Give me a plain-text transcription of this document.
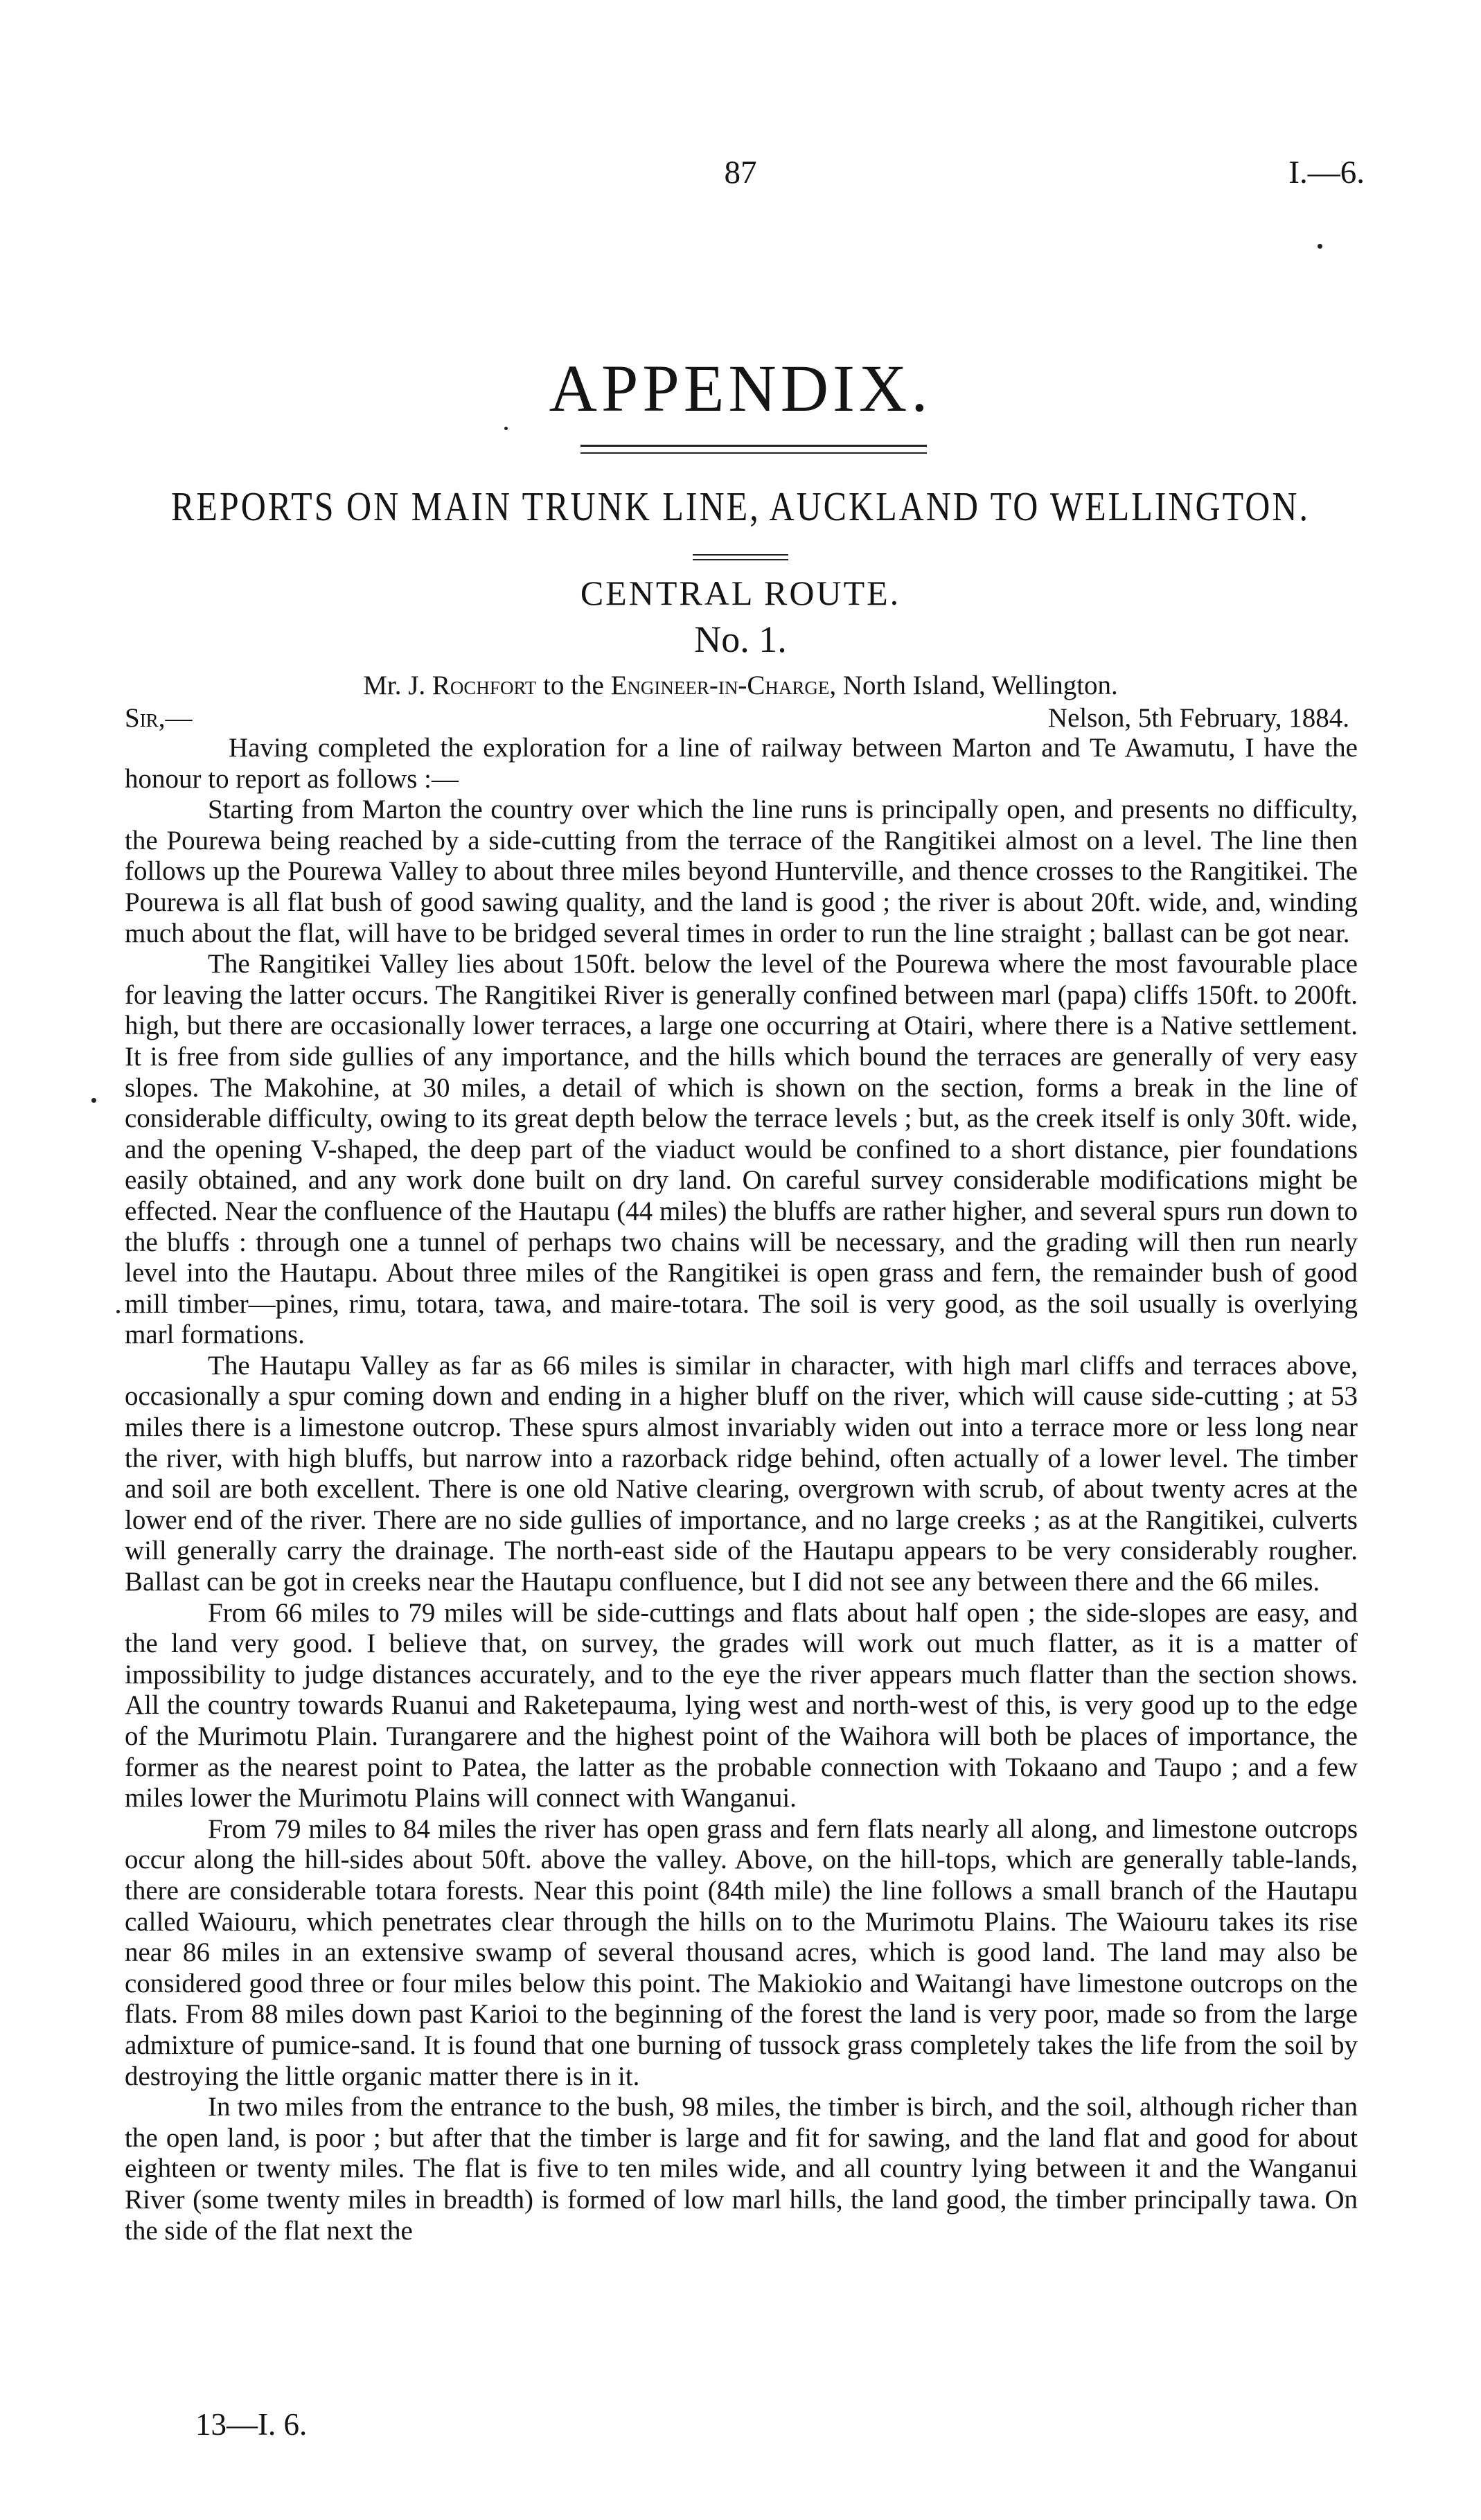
87	I.—6.
APPENDIX.
REPORTS ON MAIN TRUNK LINE, AUCKLAND TO WELLINGTON.
CENTRAL ROUTE.
No. 1.
Mr. J. Rochfort to the Engineer-in-Charge, North Island, Wellington.
Sir,—	Nelson, 5th February, 1884.

Having completed the exploration for a line of railway between Marton and Te Awamutu, I have the honour to report as follows :—

Starting from Marton the country over which the line runs is principally open, and presents no difficulty, the Pourewa being reached by a side-cutting from the terrace of the Rangitikei almost on a level. The line then follows up the Pourewa Valley to about three miles beyond Hunterville, and thence crosses to the Rangitikei. The Pourewa is all flat bush of good sawing quality, and the land is good ; the river is about 20ft. wide, and, winding much about the flat, will have to be bridged several times in order to run the line straight ; ballast can be got near.

The Rangitikei Valley lies about 150ft. below the level of the Pourewa where the most favourable place for leaving the latter occurs. The Rangitikei River is generally confined between marl (papa) cliffs 150ft. to 200ft. high, but there are occasionally lower terraces, a large one occurring at Otairi, where there is a Native settlement. It is free from side gullies of any importance, and the hills which bound the terraces are generally of very easy slopes. The Makohine, at 30 miles, a detail of which is shown on the section, forms a break in the line of considerable difficulty, owing to its great depth below the terrace levels ; but, as the creek itself is only 30ft. wide, and the opening V-shaped, the deep part of the viaduct would be confined to a short distance, pier foundations easily obtained, and any work done built on dry land. On careful survey considerable modifications might be effected. Near the confluence of the Hautapu (44 miles) the bluffs are rather higher, and several spurs run down to the bluffs : through one a tunnel of perhaps two chains will be necessary, and the grading will then run nearly level into the Hautapu. About three miles of the Rangitikei is open grass and fern, the remainder bush of good mill timber—pines, rimu, totara, tawa, and maire-totara. The soil is very good, as the soil usually is overlying marl formations.

The Hautapu Valley as far as 66 miles is similar in character, with high marl cliffs and terraces above, occasionally a spur coming down and ending in a higher bluff on the river, which will cause side-cutting ; at 53 miles there is a limestone outcrop. These spurs almost invariably widen out into a terrace more or less long near the river, with high bluffs, but narrow into a razorback ridge behind, often actually of a lower level. The timber and soil are both excellent. There is one old Native clearing, overgrown with scrub, of about twenty acres at the lower end of the river. There are no side gullies of importance, and no large creeks ; as at the Rangitikei, culverts will generally carry the drainage. The north-east side of the Hautapu appears to be very considerably rougher. Ballast can be got in creeks near the Hautapu confluence, but I did not see any between there and the 66 miles.

From 66 miles to 79 miles will be side-cuttings and flats about half open ; the side-slopes are easy, and the land very good. I believe that, on survey, the grades will work out much flatter, as it is a matter of impossibility to judge distances accurately, and to the eye the river appears much flatter than the section shows. All the country towards Ruanui and Raketepauma, lying west and north-west of this, is very good up to the edge of the Murimotu Plain. Turangarere and the highest point of the Waihora will both be places of importance, the former as the nearest point to Patea, the latter as the probable connection with Tokaano and Taupo ; and a few miles lower the Murimotu Plains will connect with Wanganui.

From 79 miles to 84 miles the river has open grass and fern flats nearly all along, and limestone outcrops occur along the hill-sides about 50ft. above the valley. Above, on the hill-tops, which are generally table-lands, there are considerable totara forests. Near this point (84th mile) the line follows a small branch of the Hautapu called Waiouru, which penetrates clear through the hills on to the Murimotu Plains. The Waiouru takes its rise near 86 miles in an extensive swamp of several thousand acres, which is good land. The land may also be considered good three or four miles below this point. The Makiokio and Waitangi have limestone outcrops on the flats. From 88 miles down past Karioi to the beginning of the forest the land is very poor, made so from the large admixture of pumice-sand. It is found that one burning of tussock grass completely takes the life from the soil by destroying the little organic matter there is in it.

In two miles from the entrance to the bush, 98 miles, the timber is birch, and the soil, although richer than the open land, is poor ; but after that the timber is large and fit for sawing, and the land flat and good for about eighteen or twenty miles. The flat is five to ten miles wide, and all country lying between it and the Wanganui River (some twenty miles in breadth) is formed of low marl hills, the land good, the timber principally tawa. On the side of the flat next the

13—I. 6.
